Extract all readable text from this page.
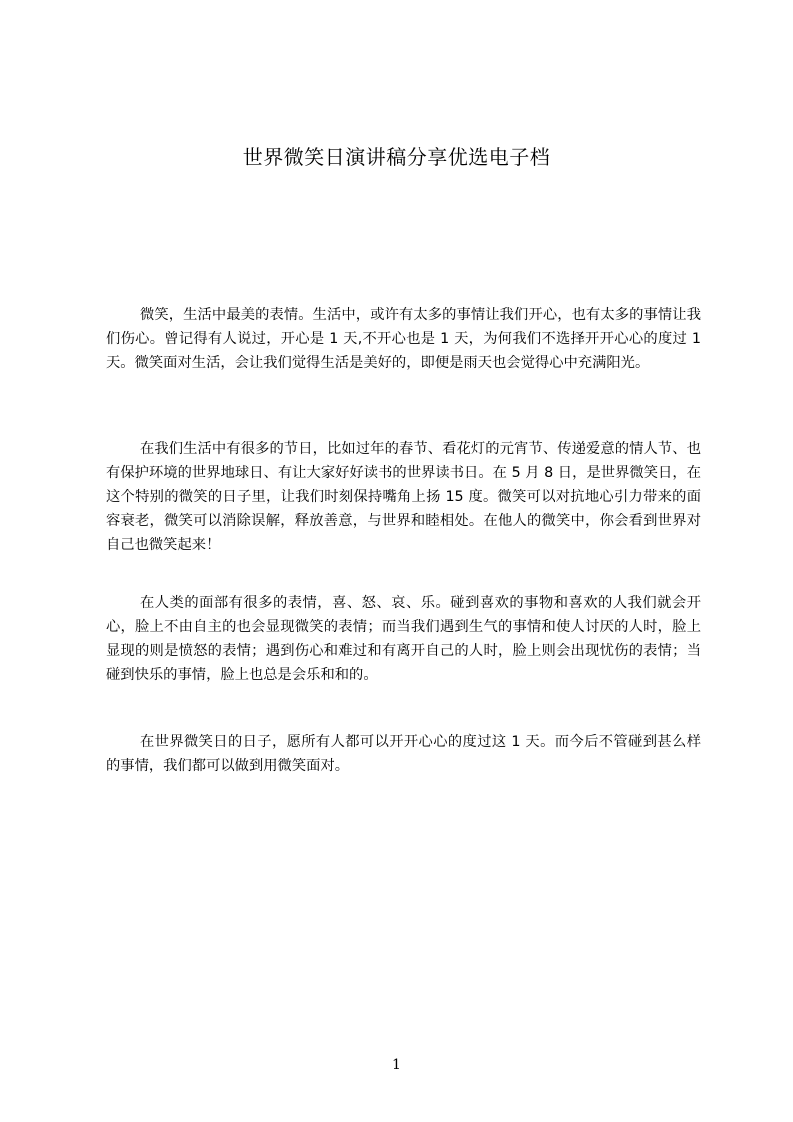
世界微笑日演讲稿分享优选电子档

微笑，生活中最美的表情。生活中，或许有太多的事情让我们开心，也有太多的事情让我们伤心。曾记得有人说过，开心是 1 天,不开心也是 1 天，为何我们不选择开开心心的度过 1 天。微笑面对生活，会让我们觉得生活是美好的，即便是雨天也会觉得心中充满阳光。

在我们生活中有很多的节日，比如过年的春节、看花灯的元宵节、传递爱意的情人节、也有保护环境的世界地球日、有让大家好好读书的世界读书日。在 5 月 8 日，是世界微笑日，在这个特别的微笑的日子里，让我们时刻保持嘴角上扬 15 度。微笑可以对抗地心引力带来的面容衰老，微笑可以消除误解，释放善意，与世界和睦相处。在他人的微笑中，你会看到世界对自己也微笑起来！

在人类的面部有很多的表情，喜、怒、哀、乐。碰到喜欢的事物和喜欢的人我们就会开心，脸上不由自主的也会显现微笑的表情；而当我们遇到生气的事情和使人讨厌的人时，脸上显现的则是愤怒的表情；遇到伤心和难过和有离开自己的人时，脸上则会出现忧伤的表情；当碰到快乐的事情，脸上也总是会乐和和的。

在世界微笑日的日子，愿所有人都可以开开心心的度过这 1 天。而今后不管碰到甚么样的事情，我们都可以做到用微笑面对。

1
